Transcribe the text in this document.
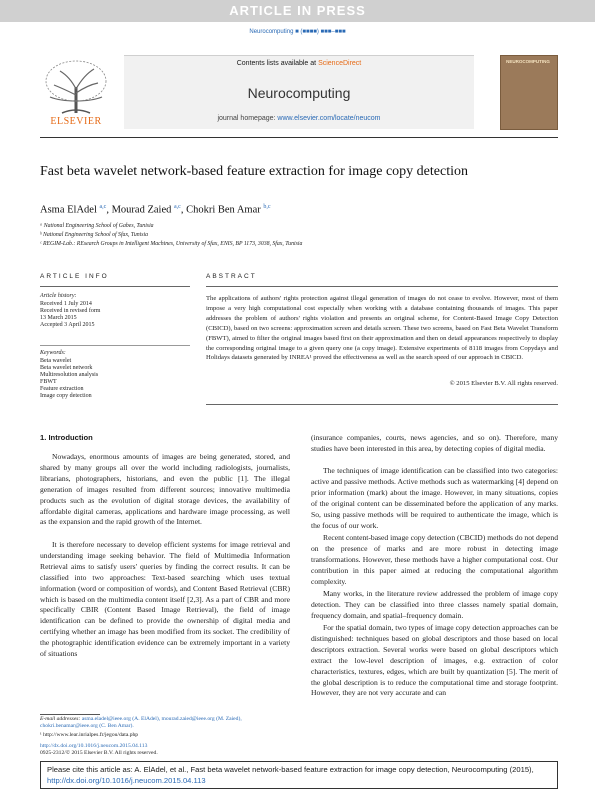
ARTICLE IN PRESS
Neurocomputing ■ (■■■■) ■■■–■■■
Contents lists available at ScienceDirect
Neurocomputing
journal homepage: www.elsevier.com/locate/neucom
ELSEVIER
NEUROCOMPUTING
Fast beta wavelet network-based feature extraction for image copy detection
Asma ElAdel $^{a,c}$, Mourad Zaied $^{a,c}$, Chokri Ben Amar $^{b,c}$
ᵃ National Engineering School of Gabes, Tunisia
ᵇ National Engineering School of Sfax, Tunisia
ᶜ REGIM-Lab.: REsearch Groups in Intelligent Machines, University of Sfax, ENIS, BP 1173, 3038, Sfax, Tunisia
ARTICLE INFO
Article history:
Received 1 July 2014
Received in revised form
13 March 2015
Accepted 3 April 2015
Keywords:
Beta wavelet
Beta wavelet network
Multiresolution analysis
FBWT
Feature extraction
Image copy detection
ABSTRACT
The applications of authors' rights protection against illegal generation of images do not cease to evolve. However, most of them impose a very high computational cost especially when working with a database containing thousands of images. This paper addresses the problem of authors' rights violation and presents an original scheme, for Content-Based Image Copy Detection (CBICD), based on two screens: approximation screen and details screen. These two screens, based on Fast Beta Wavelet Transform (FBWT), aimed to filter the original images based first on their approximation and then on detail appearances respectively to display the corresponding original image to a given query one (a copy image). Extensive experiments of 8118 images from Copydays and Holidays datasets generated by INREA¹ proved the effectiveness as well as the search speed of our approach in CBICD.
© 2015 Elsevier B.V. All rights reserved.
1. Introduction
Nowadays, enormous amounts of images are being generated, stored, and shared by many groups all over the world including radiologists, journalists, librarians, photographers, historians, and even the public [1]. The illegal generation of images resulted from different sources; innovative multimedia products such as the evolution of digital storage devices, the availability of affordable digital cameras, applications and hardware image processing, as well as the expansion and the rapid growth of the Internet.
It is therefore necessary to develop efficient systems for image retrieval and understanding image seeking behavior. The field of Multimedia Information Retrieval aims to satisfy users' queries by finding the correct results. It can be classified into two approaches: Text-based searching which uses textual information (word or composition of words), and Content Based Retrieval (CBR) which is based on the multimedia content itself [2,3]. As a part of CBR and more specifically CBIR (Content Based Image Retrieval), the field of image identification can be defined to provide the ownership of digital media and certifying whether an image has been modified from its socket. The credibility of the photographic identification evidence can be extremely important in a variety of situations
(insurance companies, courts, news agencies, and so on). Therefore, many studies have been interested in this area, by detecting copies of digital media.
The techniques of image identification can be classified into two categories: active and passive methods. Active methods such as watermarking [4] depend on prior information (mark) about the image. However, in many situations, copies of the original content can be disseminated before the application of any marks. So, using passive methods will be required to authenticate the image, which is the focus of our work.
Recent content-based image copy detection (CBCID) methods do not depend on the presence of marks and are more robust in detecting image transformations. However, these methods have a higher computational cost. Our contribution in this paper aimed at reducing the computational algorithm complexity.
Many works, in the literature review addressed the problem of image copy detection. They can be classified into three classes namely spatial domain, frequency domain, and spatial–frequency domain.
For the spatial domain, two types of image copy detection approaches can be distinguished: techniques based on global descriptors and those based on local descriptors extraction. Several works were based on global descriptors which extract the low-level description of images, e.g. extraction of color characteristics, textures, edges, which are built by quantization [5]. The merit of the global description is to reduce the computational time and storage footprint. However, they are not very accurate and can
E-mail addresses: asma.eladel@ieee.org (A. ElAdel), mourad.zaied@ieee.org (M. Zaied), chokri.benamar@ieee.org (C. Ben Amar).
¹ http://www.lear.inrialpes.fr/jegou/data.php
http://dx.doi.org/10.1016/j.neucom.2015.04.113
0925-2312/© 2015 Elsevier B.V. All rights reserved.
Please cite this article as: A. ElAdel, et al., Fast beta wavelet network-based feature extraction for image copy detection, Neurocomputing (2015), http://dx.doi.org/10.1016/j.neucom.2015.04.113
